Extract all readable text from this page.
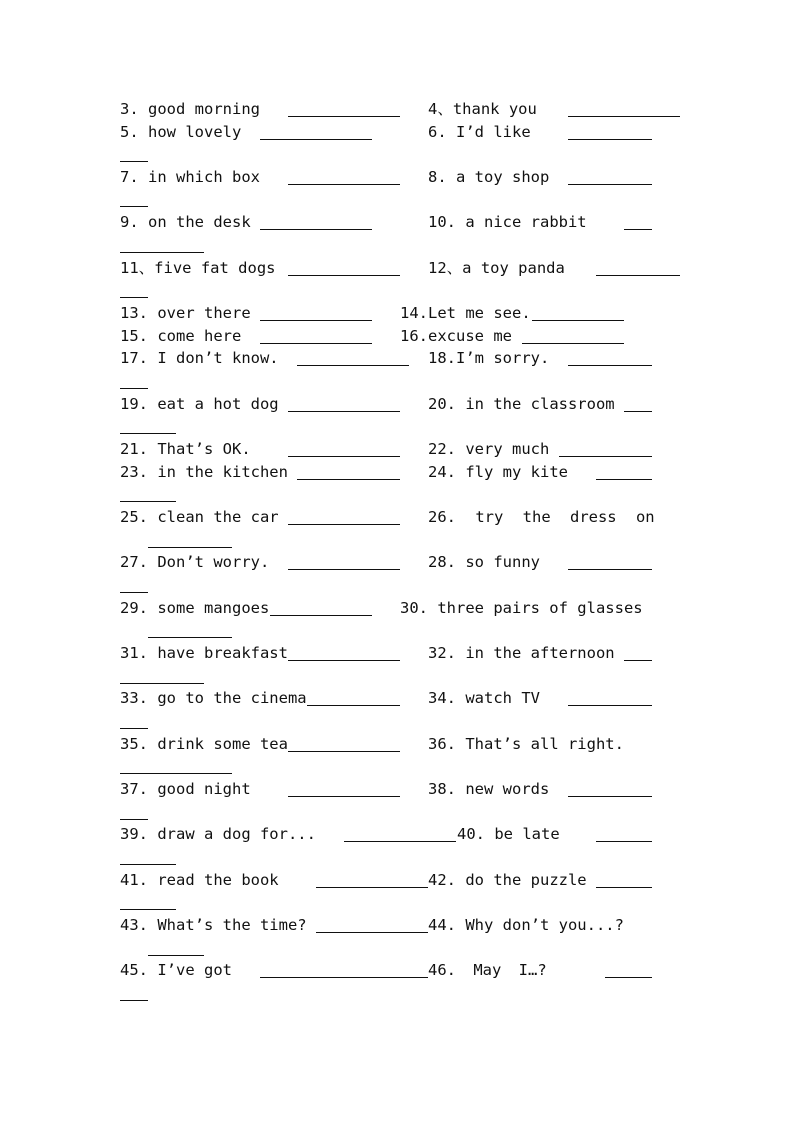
3. good morning	4、thank you
5. how lovely	6. I’d like
7. in which box	8. a toy shop
9. on the desk	10. a nice rabbit
11、five fat dogs	12、a toy panda
13. over there	14.Let me see.
15. come here	16.excuse me
17. I don’t know.	18.I’m sorry.
19. eat a hot dog	20. in the classroom
21. That’s OK.	22. very much
23. in the kitchen	24. fly my kite
25. clean the car	26. try the dress on
27. Don’t worry.	28. so funny
29. some mangoes	30. three pairs of glasses
31. have breakfast	32. in the afternoon
33. go to the cinema	34. watch TV
35. drink some tea	36. That’s all right.
37. good night	38. new words
39. draw a dog for...	40. be late
41. read the book	42. do the puzzle
43. What’s the time?	44. Why don’t you...?
45. I’ve got	46. May I…?
